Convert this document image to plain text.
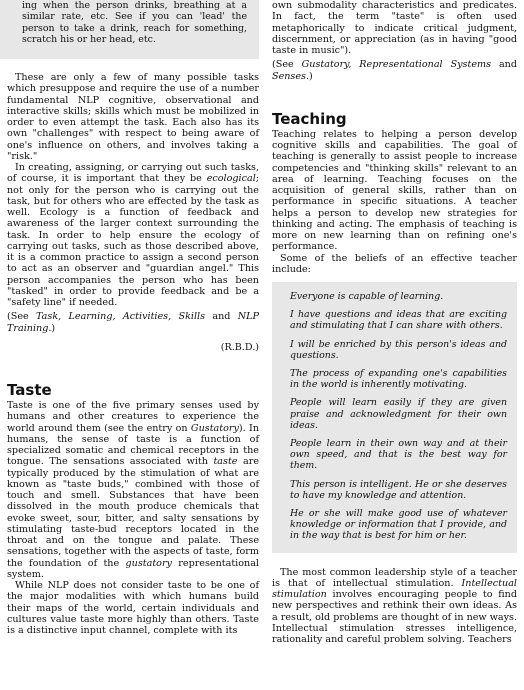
ing when the person drinks, breathing at a similar rate, etc. See if you can 'lead' the person to take a drink, reach for something, scratch his or her head, etc.

These are only a few of many possible tasks which presuppose and require the use of a number fundamental NLP cognitive, observational and interactive skills; skills which must be mobilized in order to even attempt the task. Each also has its own "challenges" with respect to being aware of one's influence on others, and involves taking a "risk."

In creating, assigning, or carrying out such tasks, of course, it is important that they be ecological; not only for the person who is carrying out the task, but for others who are effected by the task as well. Ecology is a function of feedback and awareness of the larger context surrounding the task. In order to help ensure the ecology of carrying out tasks, such as those described above, it is a common practice to assign a second person to act as an observer and "guardian angel." This person accompanies the person who has been "tasked" in order to provide feedback and be a "safety line" if needed.

(See Task, Learning, Activities, Skills and NLP Training.)

(R.B.D.)

Taste

Taste is one of the five primary senses used by humans and other creatures to experience the world around them (see the entry on Gustatory). In humans, the sense of taste is a function of specialized somatic and chemical receptors in the tongue. The sensations associated with taste are typically produced by the stimulation of what are known as "taste buds," combined with those of touch and smell. Substances that have been dissolved in the mouth produce chemicals that evoke sweet, sour, bitter, and salty sensations by stimulating taste-bud receptors located in the throat and on the tongue and palate. These sensations, together with the aspects of taste, form the foundation of the gustatory representational system.

While NLP does not consider taste to be one of the major modalities with which humans build their maps of the world, certain individuals and cultures value taste more highly than others. Taste is a distinctive input channel, complete with its

own submodality characteristics and predicates. In fact, the term "taste" is often used metaphorically to indicate critical judgment, discernment, or appreciation (as in having "good taste in music").

(See Gustatory, Representational Systems and Senses.)

Teaching

Teaching relates to helping a person develop cognitive skills and capabilities. The goal of teaching is generally to assist people to increase competencies and "thinking skills" relevant to an area of learning. Teaching focuses on the acquisition of general skills, rather than on performance in specific situations. A teacher helps a person to develop new strategies for thinking and acting. The emphasis of teaching is more on new learning than on refining one's performance.

Some of the beliefs of an effective teacher include:

Everyone is capable of learning.

I have questions and ideas that are exciting and stimulating that I can share with others.

I will be enriched by this person's ideas and questions.

The process of expanding one's capabilities in the world is inherently motivating.

People will learn easily if they are given praise and acknowledgment for their own ideas.

People learn in their own way and at their own speed, and that is the best way for them.

This person is intelligent. He or she deserves to have my knowledge and attention.

He or she will make good use of whatever knowledge or information that I provide, and in the way that is best for him or her.

The most common leadership style of a teacher is that of intellectual stimulation. Intellectual stimulation involves encouraging people to find new perspectives and rethink their own ideas. As a result, old problems are thought of in new ways. Intellectual stimulation stresses intelligence, rationality and careful problem solving. Teachers
